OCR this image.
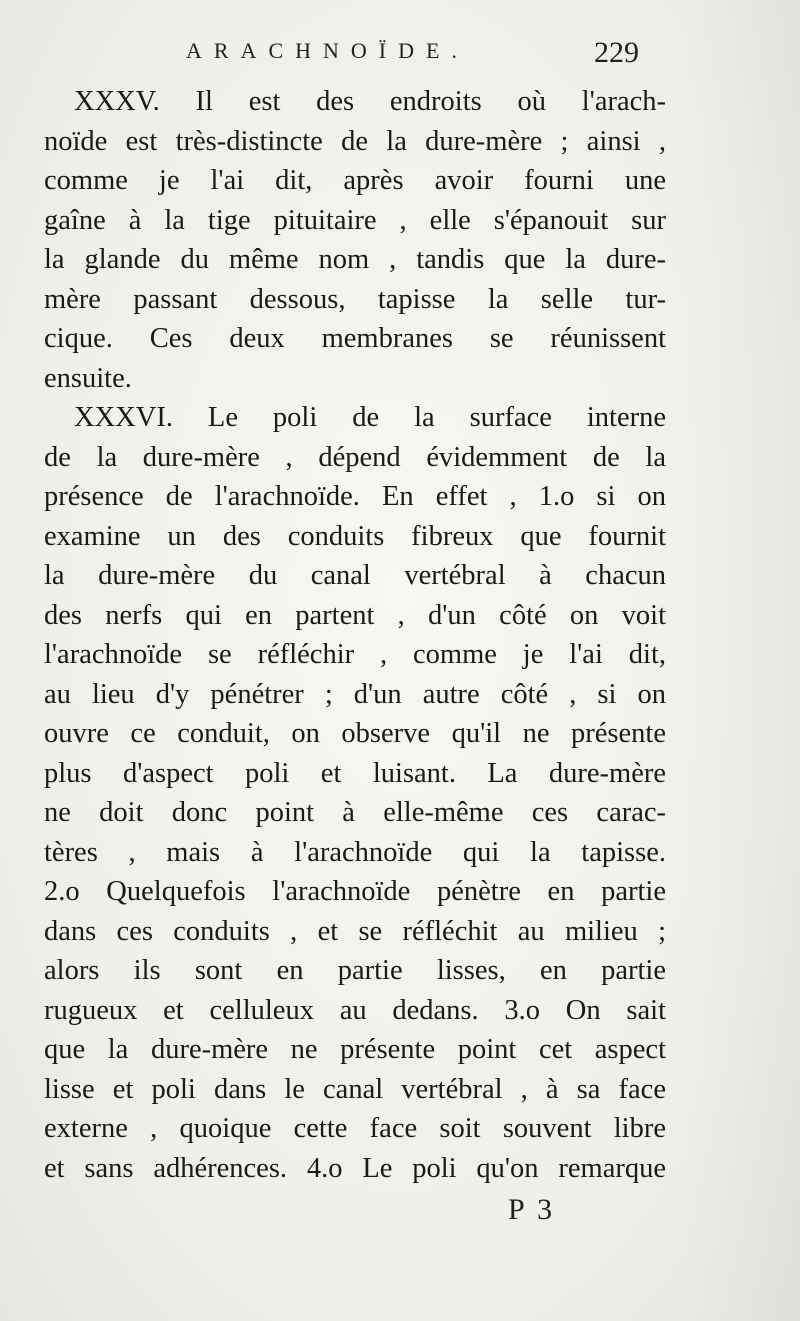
ARACHNOÏDE.	229
XXXV. Il est des endroits où l'arach-
noïde est très-distincte de la dure-mère ; ainsi ,
comme je l'ai dit, après avoir fourni une
gaîne à la tige pituitaire , elle s'épanouit sur
la glande du même nom , tandis que la dure-
mère passant dessous, tapisse la selle tur-
cique. Ces deux membranes se réunissent
ensuite.
XXXVI. Le poli de la surface interne
de la dure-mère , dépend évidemment de la
présence de l'arachnoïde. En effet , 1.o si on
examine un des conduits fibreux que fournit
la dure-mère du canal vertébral à chacun
des nerfs qui en partent , d'un côté on voit
l'arachnoïde se réfléchir , comme je l'ai dit,
au lieu d'y pénétrer ; d'un autre côté , si on
ouvre ce conduit, on observe qu'il ne présente
plus d'aspect poli et luisant. La dure-mère
ne doit donc point à elle-même ces carac-
tères , mais à l'arachnoïde qui la tapisse.
2.o Quelquefois l'arachnoïde pénètre en partie
dans ces conduits , et se réfléchit au milieu ;
alors ils sont en partie lisses, en partie
rugueux et celluleux au dedans. 3.o On sait
que la dure-mère ne présente point cet aspect
lisse et poli dans le canal vertébral , à sa face
externe , quoique cette face soit souvent libre
et sans adhérences. 4.o Le poli qu'on remarque
P 3
